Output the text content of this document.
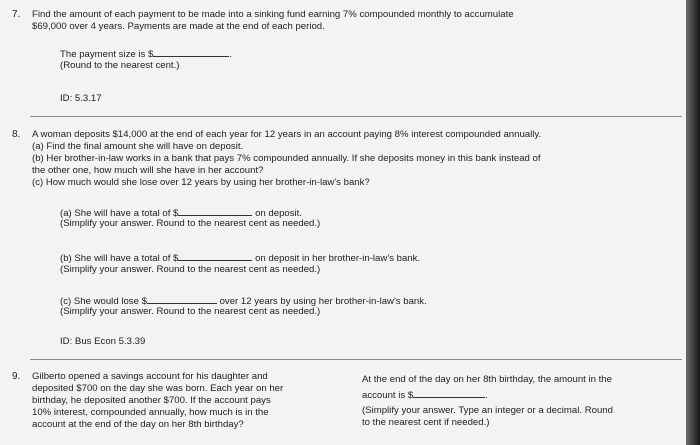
7. Find the amount of each payment to be made into a sinking fund earning 7% compounded monthly to accumulate
$69,000 over 4 years. Payments are made at the end of each period.
The payment size is $	.
(Round to the nearest cent.)
ID: 5.3.17
8. A woman deposits $14,000 at the end of each year for 12 years in an account paying 8% interest compounded annually.
(a) Find the final amount she will have on deposit.
(b) Her brother-in-law works in a bank that pays 7% compounded annually. If she deposits money in this bank instead of
the other one, how much will she have in her account?
(c) How much would she lose over 12 years by using her brother-in-law's bank?
(a) She will have a total of $	on deposit.
(Simplify your answer. Round to the nearest cent as needed.)
(b) She will have a total of $	on deposit in her brother-in-law's bank.
(Simplify your answer. Round to the nearest cent as needed.)
(c) She would lose $	over 12 years by using her brother-in-law's bank.
(Simplify your answer. Round to the nearest cent as needed.)
ID: Bus Econ 5.3.39
9. Gilberto opened a savings account for his daughter and
deposited $700 on the day she was born. Each year on her
birthday, he deposited another $700. If the account pays
10% interest, compounded annually, how much is in the
account at the end of the day on her 8th birthday?
At the end of the day on her 8th birthday, the amount in the
account is $	.
(Simplify your answer. Type an integer or a decimal. Round
to the nearest cent if needed.)
